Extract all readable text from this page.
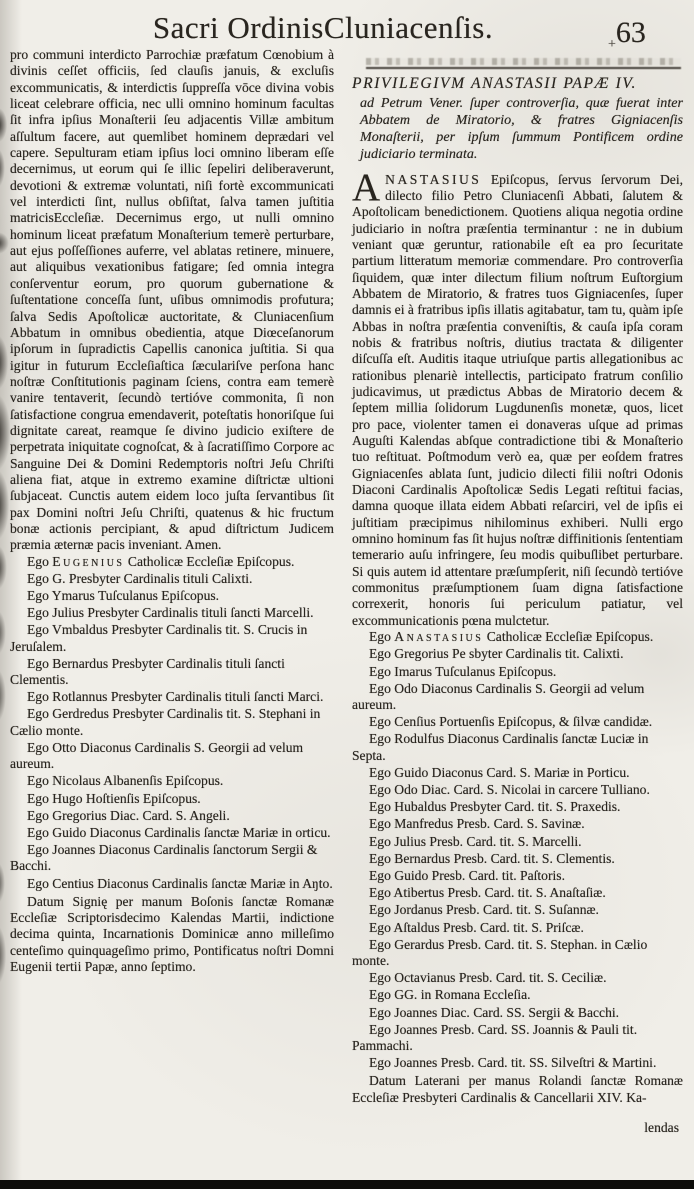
Sacri OrdinisCluniacenſis.	$_+$63

pro communi interdicto Parrochiæ præfatum Cœnobium à divinis ceſſet officiis, ſed clauſis januis, & excluſis excommunicatis, & interdictis ſuppreſſa vōce divina vobis liceat celebrare officia, nec ulli omnino hominum facultas ſit infra ipſius Monaſterii ſeu adjacentis Villæ ambitum aſſultum facere, aut quemlibet hominem deprædari vel capere. Sepulturam etiam ipſius loci omnino liberam eſſe decernimus, ut eorum qui ſe illic ſepeliri deliberaverunt, devotioni & extremæ voluntati, niſi fortè excommunicati vel interdicti ſint, nullus obſiſtat, ſalva tamen juſtitia matricisEccleſiæ. Decernimus ergo, ut nulli omnino hominum liceat præfatum Monaſterium temerè perturbare, aut ejus poſſeſſiones auferre, vel ablatas retinere, minuere, aut aliquibus vexationibus fatigare; ſed omnia integra conſerventur eorum, pro quorum gubernatione & ſuſtentatione conceſſa ſunt, uſibus omnimodis profutura; ſalva Sedis Apoſtolicæ auctoritate, & Cluniacenſium Abbatum in omnibus obedientia, atque Diœceſanorum ipſorum in ſupradictis Capellis canonica juſtitia. Si qua igitur in futurum Eccleſiaſtica ſæculariſve perſona hanc noſtræ Conſtitutionis paginam ſciens, contra eam temerè vanire tentaverit, ſecundò tertióve commonita, ſi non ſatisfactione congrua emendaverit, poteſtatis honoriſque ſui dignitate careat, reamque ſe divino judicio exiſtere de perpetrata iniquitate cognoſcat, & à ſacratiſſimo Corpore ac Sanguine Dei & Domini Redemptoris noſtri Jeſu Chriſti aliena fiat, atque in extremo examine diſtrictæ ultioni ſubjaceat. Cunctis autem eidem loco juſta ſervantibus ſit pax Domini noſtri Jeſu Chriſti, quatenus & hic fructum bonæ actionis percipiant, & apud diſtrictum Judicem præmia æternæ pacis inveniant. Amen.

Ego Eugenius Catholicæ Eccleſiæ Epiſcopus.

Ego G. Presbyter Cardinalis tituli Calixti.

Ego Ymarus Tuſculanus Epiſcopus.

Ego Julius Presbyter Cardinalis tituli ſancti Marcelli.

Ego Vmbaldus Presbyter Cardinalis tit. S. Crucis in Jeruſalem.

Ego Bernardus Presbyter Cardinalis tituli ſancti Clementis.

Ego Rotlannus Presbyter Cardinalis tituli ſancti Marci.

Ego Gerdredus Presbyter Cardinalis tit. S. Stephani in Cælio monte.

Ego Otto Diaconus Cardinalis S. Georgii ad velum aureum.

Ego Nicolaus Albanenſis Epiſcopus.

Ego Hugo Hoſtienſis Epiſcopus.

Ego Gregorius Diac. Card. S. Angeli.

Ego Guido Diaconus Cardinalis ſanctæ Mariæ in orticu.

Ego Joannes Diaconus Cardinalis ſanctorum Sergii & Bacchi.

Ego Centius Diaconus Cardinalis ſanctæ Mariæ in Aŋto.

Datum Signię per manum Boſonis ſanctæ Romanæ Eccleſiæ Scriptorisdecimo Kalendas Martii, indictione decima quinta, Incarnationis Dominicæ anno milleſimo centeſimo quinquageſimo primo, Pontificatus noſtri Domni Eugenii tertii Papæ, anno ſeptimo.

PRIVILEGIVM ANASTASII PAPÆ IV.

ad Petrum Vener. ſuper controverſia, quæ fuerat inter Abbatem de Miratorio, & fratres Gigniacenſis Monaſterii, per ipſum ſummum Pontificem ordine judiciario terminata.

ANASTASIUS Epiſcopus, ſervus ſervorum Dei, dilecto filio Petro Cluniacenſi Abbati, ſalutem & Apoſtolicam benedictionem. Quotiens aliqua negotia ordine judiciario in noſtra præſentia terminantur : ne in dubium veniant quæ geruntur, rationabile eſt ea pro ſecuritate partium litteratum memoriæ commendare. Pro controverſia ſiquidem, quæ inter dilectum filium noſtrum Euſtorgium Abbatem de Miratorio, & fratres tuos Gigniacenſes, ſuper damnis ei à fratribus ipſis illatis agitabatur, tam tu, quàm ipſe Abbas in noſtra præſentia conveniſtis, & cauſa ipſa coram nobis & fratribus noſtris, diutius tractata & diligenter diſcuſſa eſt. Auditis itaque utriuſque partis allegationibus ac rationibus plenariè intellectis, participato fratrum conſilio judicavimus, ut prædictus Abbas de Miratorio decem & ſeptem millia ſolidorum Lugdunenſis monetæ, quos, licet pro pace, violenter tamen ei donaveras uſque ad primas Auguſti Kalendas abſque contradictione tibi & Monaſterio tuo reſtituat. Poſtmodum verò ea, quæ per eoſdem fratres Gigniacenſes ablata ſunt, judicio dilecti filii noſtri Odonis Diaconi Cardinalis Apoſtolicæ Sedis Legati reſtitui facias, damna quoque illata eidem Abbati reſarciri, vel de ipſis ei juſtitiam præcipimus nihilominus exhiberi. Nulli ergo omnino hominum fas ſit hujus noſtræ diffinitionis ſententiam temerario auſu infringere, ſeu modis quibuſlibet perturbare. Si quis autem id attentare præſumpſerit, niſi ſecundò tertióve commonitus præſumptionem ſuam digna ſatisfactione correxerit, honoris ſui periculum patiatur, vel excommunicationis pœna mulctetur.

Ego Anastasius Catholicæ Eccleſiæ Epiſcopus.

Ego Gregorius Pe sbyter Cardinalis tit. Calixti.

Ego Imarus Tuſculanus Epiſcopus.

Ego Odo Diaconus Cardinalis S. Georgii ad velum aureum.

Ego Cenſius Portuenſis Epiſcopus, & ſilvæ candidæ.

Ego Rodulfus Diaconus Cardinalis ſanctæ Luciæ in Septa.

Ego Guido Diaconus Card. S. Mariæ in Porticu.

Ego Odo Diac. Card. S. Nicolai in carcere Tulliano.

Ego Hubaldus Presbyter Card. tit. S. Praxedis.

Ego Manfredus Presb. Card. S. Savinæ.

Ego Julius Presb. Card. tit. S. Marcelli.

Ego Bernardus Presb. Card. tit. S. Clementis.

Ego Guido Presb. Card. tit. Paſtoris.

Ego Atibertus Presb. Card. tit. S. Anaſtaſiæ.

Ego Jordanus Presb. Card. tit. S. Suſannæ.

Ego Aſtaldus Presb. Card. tit. S. Priſcæ.

Ego Gerardus Presb. Card. tit. S. Stephan. in Cælio monte.

Ego Octavianus Presb. Card. tit. S. Ceciliæ.

Ego GG. in Romana Eccleſia.

Ego Joannes Diac. Card. SS. Sergii & Bacchi.

Ego Joannes Presb. Card. SS. Joannis & Pauli tit. Pammachi.

Ego Joannes Presb. Card. tit. SS. Silveſtri & Martini.

Datum Laterani per manus Rolandi ſanctæ Romanæ Eccleſiæ Presbyteri Cardinalis & Cancellarii XIV. Ka-

lendas
